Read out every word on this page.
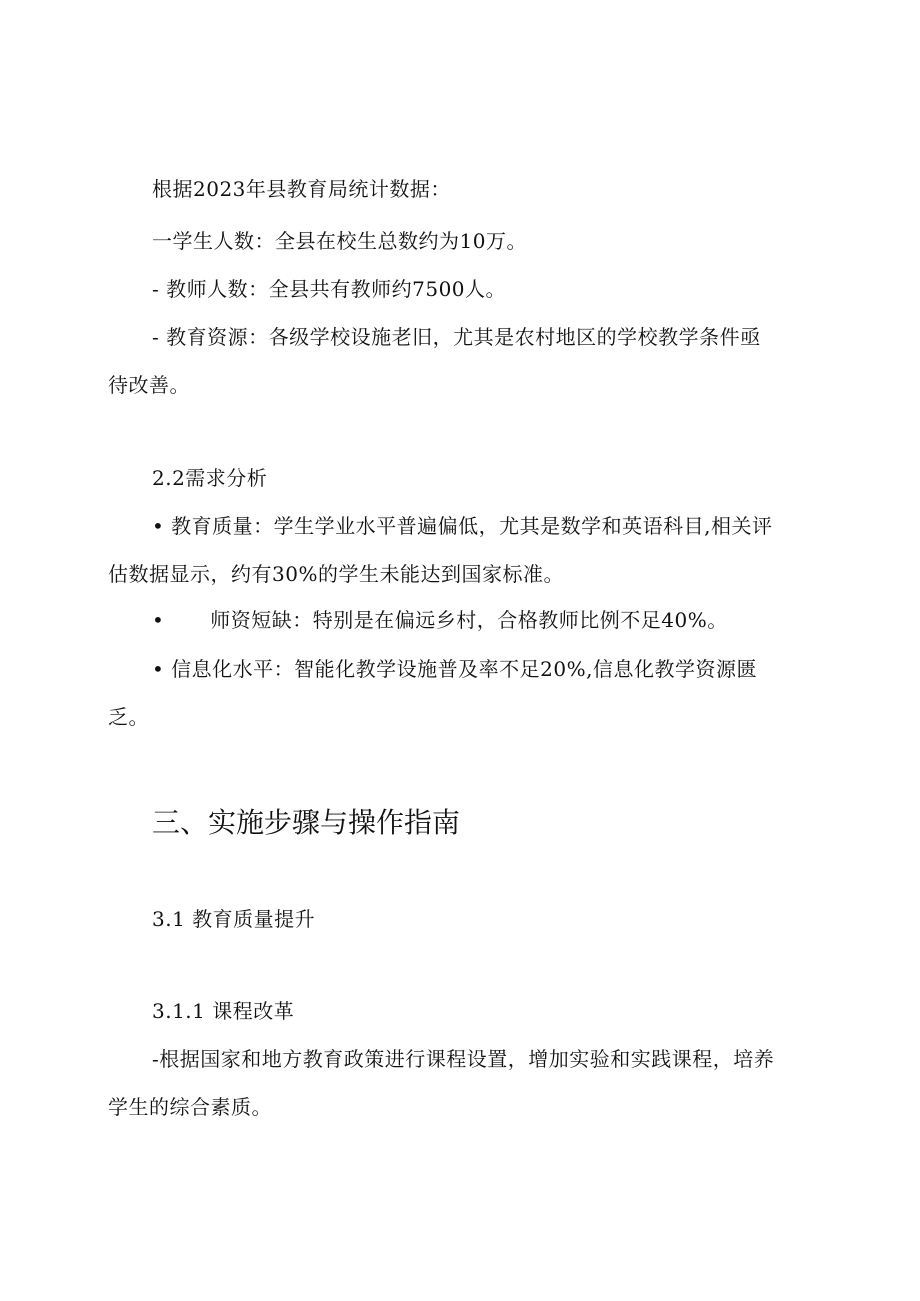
根据2023年县教育局统计数据：

一学生人数：全县在校生总数约为10万。

- 教师人数：全县共有教师约7500人。

- 教育资源：各级学校设施老旧，尤其是农村地区的学校教学条件亟

待改善。

2.2需求分析

• 教育质量：学生学业水平普遍偏低，尤其是数学和英语科目,相关评

估数据显示，约有30%的学生未能达到国家标准。

• 师资短缺：特别是在偏远乡村，合格教师比例不足40%。

• 信息化水平：智能化教学设施普及率不足20%,信息化教学资源匮

乏。

三、实施步骤与操作指南

3.1 教育质量提升

3.1.1 课程改革

-根据国家和地方教育政策进行课程设置，增加实验和实践课程，培养

学生的综合素质。
